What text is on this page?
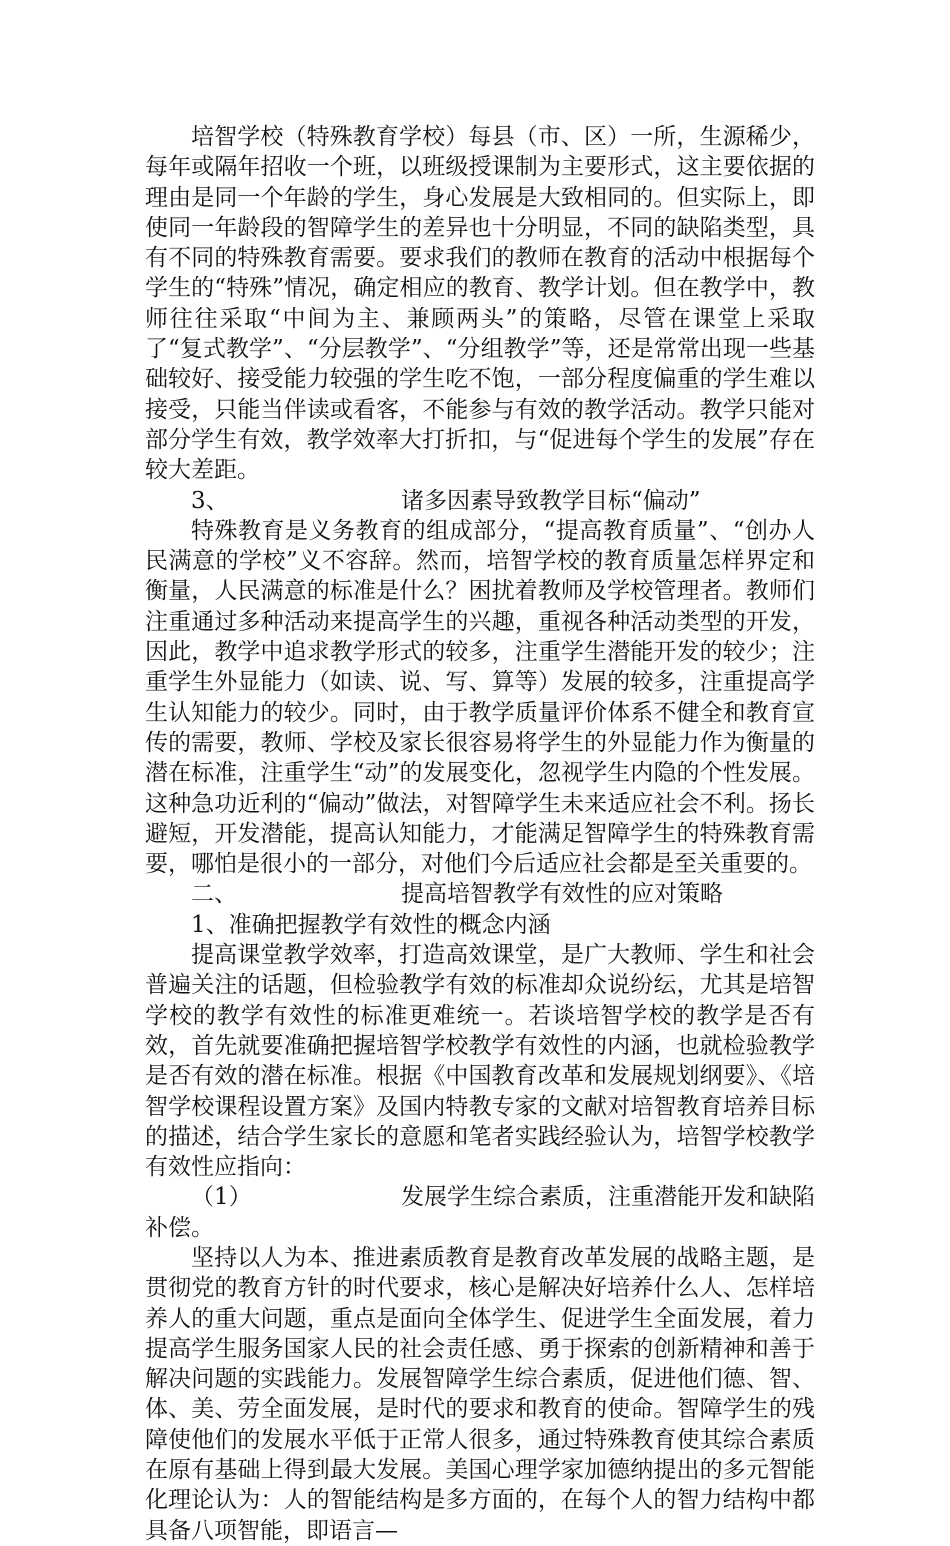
培智学校（特殊教育学校）每县（市、区）一所，生源稀少，每年或隔年招收一个班，以班级授课制为主要形式，这主要依据的理由是同一个年龄的学生，身心发展是大致相同的。但实际上，即使同一年龄段的智障学生的差异也十分明显，不同的缺陷类型，具有不同的特殊教育需要。要求我们的教师在教育的活动中根据每个学生的“特殊”情况，确定相应的教育、教学计划。但在教学中，教师往往采取“中间为主、兼顾两头”的策略，尽管在课堂上采取了“复式教学”、“分层教学”、“分组教学”等，还是常常出现一些基础较好、接受能力较强的学生吃不饱，一部分程度偏重的学生难以接受，只能当伴读或看客，不能参与有效的教学活动。教学只能对部分学生有效，教学效率大打折扣，与“促进每个学生的发展”存在较大差距。

3、	诸多因素导致教学目标“偏动”

特殊教育是义务教育的组成部分，“提高教育质量”、“创办人民满意的学校”义不容辞。然而，培智学校的教育质量怎样界定和衡量，人民满意的标准是什么？困扰着教师及学校管理者。教师们注重通过多种活动来提高学生的兴趣，重视各种活动类型的开发，因此，教学中追求教学形式的较多，注重学生潜能开发的较少；注重学生外显能力（如读、说、写、算等）发展的较多，注重提高学生认知能力的较少。同时，由于教学质量评价体系不健全和教育宣传的需要，教师、学校及家长很容易将学生的外显能力作为衡量的潜在标准，注重学生“动”的发展变化，忽视学生内隐的个性发展。这种急功近利的“偏动”做法，对智障学生未来适应社会不利。扬长避短，开发潜能，提高认知能力，才能满足智障学生的特殊教育需要，哪怕是很小的一部分，对他们今后适应社会都是至关重要的。

二、	提高培智教学有效性的应对策略

1、准确把握教学有效性的概念内涵

提高课堂教学效率，打造高效课堂，是广大教师、学生和社会普遍关注的话题，但检验教学有效的标准却众说纷纭，尤其是培智学校的教学有效性的标准更难统一。若谈培智学校的教学是否有效，首先就要准确把握培智学校教学有效性的内涵，也就检验教学是否有效的潜在标准。根据《中国教育改革和发展规划纲要》、《培智学校课程设置方案》及国内特教专家的文献对培智教育培养目标的描述，结合学生家长的意愿和笔者实践经验认为，培智学校教学有效性应指向：

（1）	发展学生综合素质，注重潜能开发和缺陷补偿。

坚持以人为本、推进素质教育是教育改革发展的战略主题，是贯彻党的教育方针的时代要求，核心是解决好培养什么人、怎样培养人的重大问题，重点是面向全体学生、促进学生全面发展，着力提高学生服务国家人民的社会责任感、勇于探索的创新精神和善于解决问题的实践能力。发展智障学生综合素质，促进他们德、智、体、美、劳全面发展，是时代的要求和教育的使命。智障学生的残障使他们的发展水平低于正常人很多，通过特殊教育使其综合素质在原有基础上得到最大发展。美国心理学家加德纳提出的多元智能化理论认为：人的智能结构是多方面的，在每个人的智力结构中都具备八项智能，即语言—
